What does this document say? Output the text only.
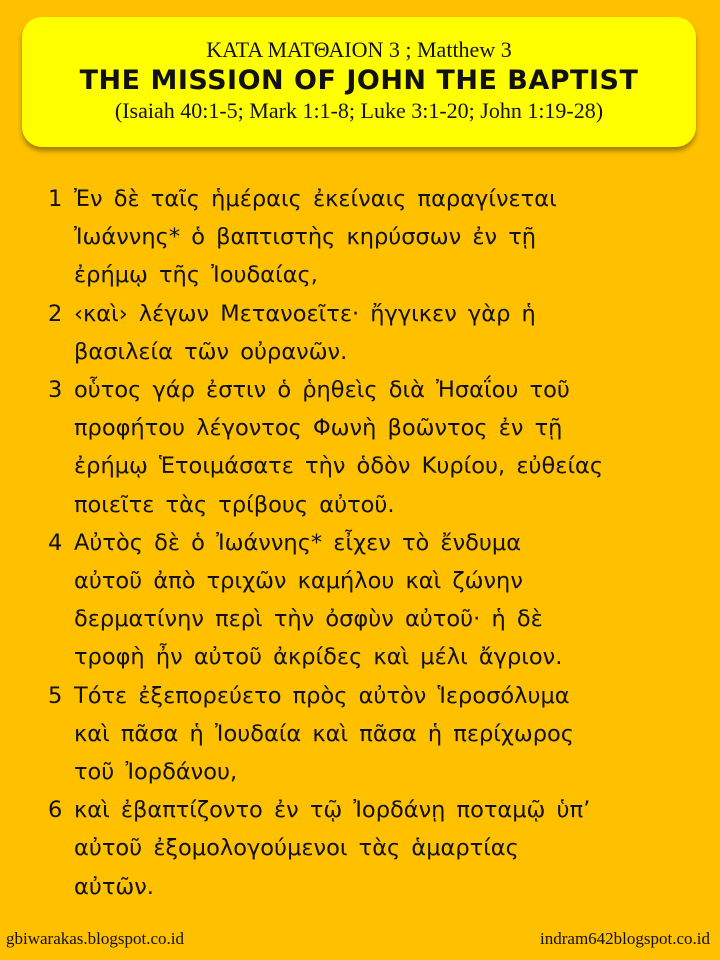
ΚΑΤΑ ΜΑΤΘΑΙΟΝ 3 ; Matthew 3
THE MISSION OF JOHN THE BAPTIST
(Isaiah 40:1-5; Mark 1:1-8; Luke 3:1-20; John 1:19-28)
1 Ἐν δὲ ταῖς ἡμέραις ἐκείναις παραγίνεται
Ἰωάννης* ὁ βαπτιστὴς κηρύσσων ἐν τῇ
ἐρήμῳ τῆς Ἰουδαίας,
2 ‹καὶ› λέγων Μετανοεῖτε· ἤγγικεν γὰρ ἡ
βασιλεία τῶν οὐρανῶν.
3 οὗτος γάρ ἐστιν ὁ ῥηθεὶς διὰ Ἠσαΐου τοῦ
προφήτου λέγοντος Φωνὴ βοῶντος ἐν τῇ
ἐρήμῳ Ἑτοιμάσατε τὴν ὁδὸν Κυρίου, εὐθείας
ποιεῖτε τὰς τρίβους αὐτοῦ.
4 Αὐτὸς δὲ ὁ Ἰωάννης* εἶχεν τὸ ἔνδυμα
αὐτοῦ ἀπὸ τριχῶν καμήλου καὶ ζώνην
δερματίνην περὶ τὴν ὀσφὺν αὐτοῦ· ἡ δὲ
τροφὴ ἦν αὐτοῦ ἀκρίδες καὶ μέλι ἄγριον.
5 Τότε ἐξεπορεύετο πρὸς αὐτὸν Ἱεροσόλυμα
καὶ πᾶσα ἡ Ἰουδαία καὶ πᾶσα ἡ περίχωρος
τοῦ Ἰορδάνου,
6 καὶ ἐβαπτίζοντο ἐν τῷ Ἰορδάνῃ ποταμῷ ὑπ’
αὐτοῦ ἐξομολογούμενοι τὰς ἁμαρτίας
αὐτῶν.
gbiwarakas.blogspot.co.id	indram642blogspot.co.id
